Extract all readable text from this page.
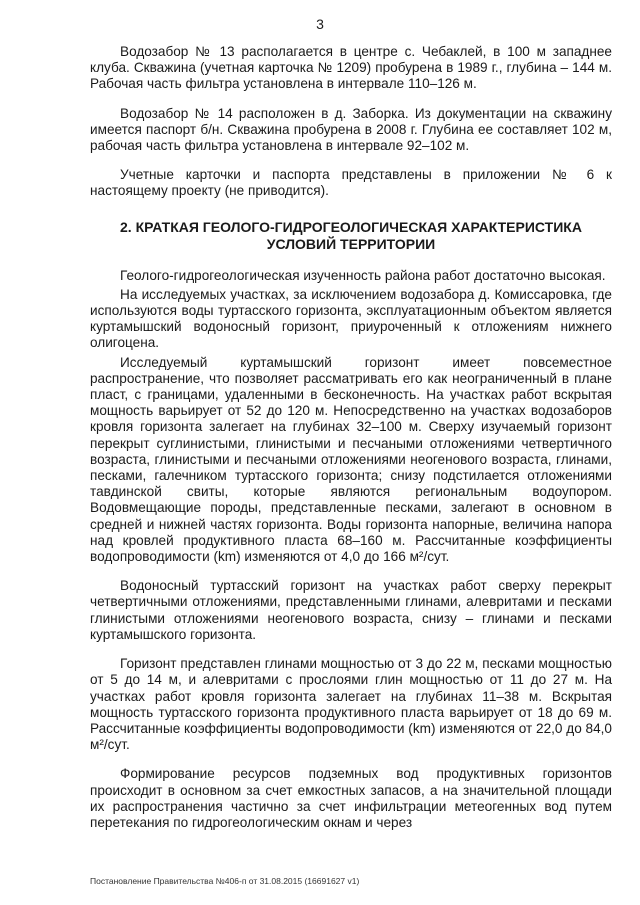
3

Водозабор № 13 располагается в центре с. Чебаклей, в 100 м западнее клуба. Скважина (учетная карточка № 1209) пробурена в 1989 г., глубина – 144 м. Рабочая часть фильтра установлена в интервале 110–126 м.

Водозабор № 14 расположен в д. Заборка. Из документации на скважину имеется паспорт б/н. Скважина пробурена в 2008 г. Глубина ее составляет 102 м, рабочая часть фильтра установлена в интервале 92–102 м.

Учетные карточки и паспорта представлены в приложении № 6 к настоящему проекту (не приводится).

2. КРАТКАЯ ГЕОЛОГО-ГИДРОГЕОЛОГИЧЕСКАЯ ХАРАКТЕРИСТИКА
УСЛОВИЙ ТЕРРИТОРИИ

Геолого-гидрогеологическая изученность района работ достаточно высокая.

На исследуемых участках, за исключением водозабора д. Комиссаровка, где используются воды туртасского горизонта, эксплуатационным объектом является куртамышский водоносный горизонт, приуроченный к отложениям нижнего олигоцена.

Исследуемый куртамышский горизонт имеет повсеместное распространение, что позволяет рассматривать его как неограниченный в плане пласт, с границами, удаленными в бесконечность. На участках работ вскрытая мощность варьирует от 52 до 120 м. Непосредственно на участках водозаборов кровля горизонта залегает на глубинах 32–100 м. Сверху изучаемый горизонт перекрыт суглинистыми, глинистыми и песчаными отложениями четвертичного возраста, глинистыми и песчаными отложениями неогенового возраста, глинами, песками, галечником туртасского горизонта; снизу подстилается отложениями тавдинской свиты, которые являются региональным водоупором. Водовмещающие породы, представленные песками, залегают в основном в средней и нижней частях горизонта. Воды горизонта напорные, величина напора над кровлей продуктивного пласта 68–160 м. Рассчитанные коэффициенты водопроводимости (km) изменяются от 4,0 до 166 м²/сут.

Водоносный туртасский горизонт на участках работ сверху перекрыт четвертичными отложениями, представленными глинами, алевритами и песками глинистыми отложениями неогенового возраста, снизу – глинами и песками куртамышского горизонта.

Горизонт представлен глинами мощностью от 3 до 22 м, песками мощностью от 5 до 14 м, и алевритами с прослоями глин мощностью от 11 до 27 м. На участках работ кровля горизонта залегает на глубинах 11–38 м. Вскрытая мощность туртасского горизонта продуктивного пласта варьирует от 18 до 69 м. Рассчитанные коэффициенты водопроводимости (km) изменяются от 22,0 до 84,0 м²/сут.

Формирование ресурсов подземных вод продуктивных горизонтов происходит в основном за счет емкостных запасов, а на значительной площади их распространения частично за счет инфильтрации метеогенных вод путем перетекания по гидрогеологическим окнам и через

Постановление Правительства №406-п от 31.08.2015 (16691627 v1)
